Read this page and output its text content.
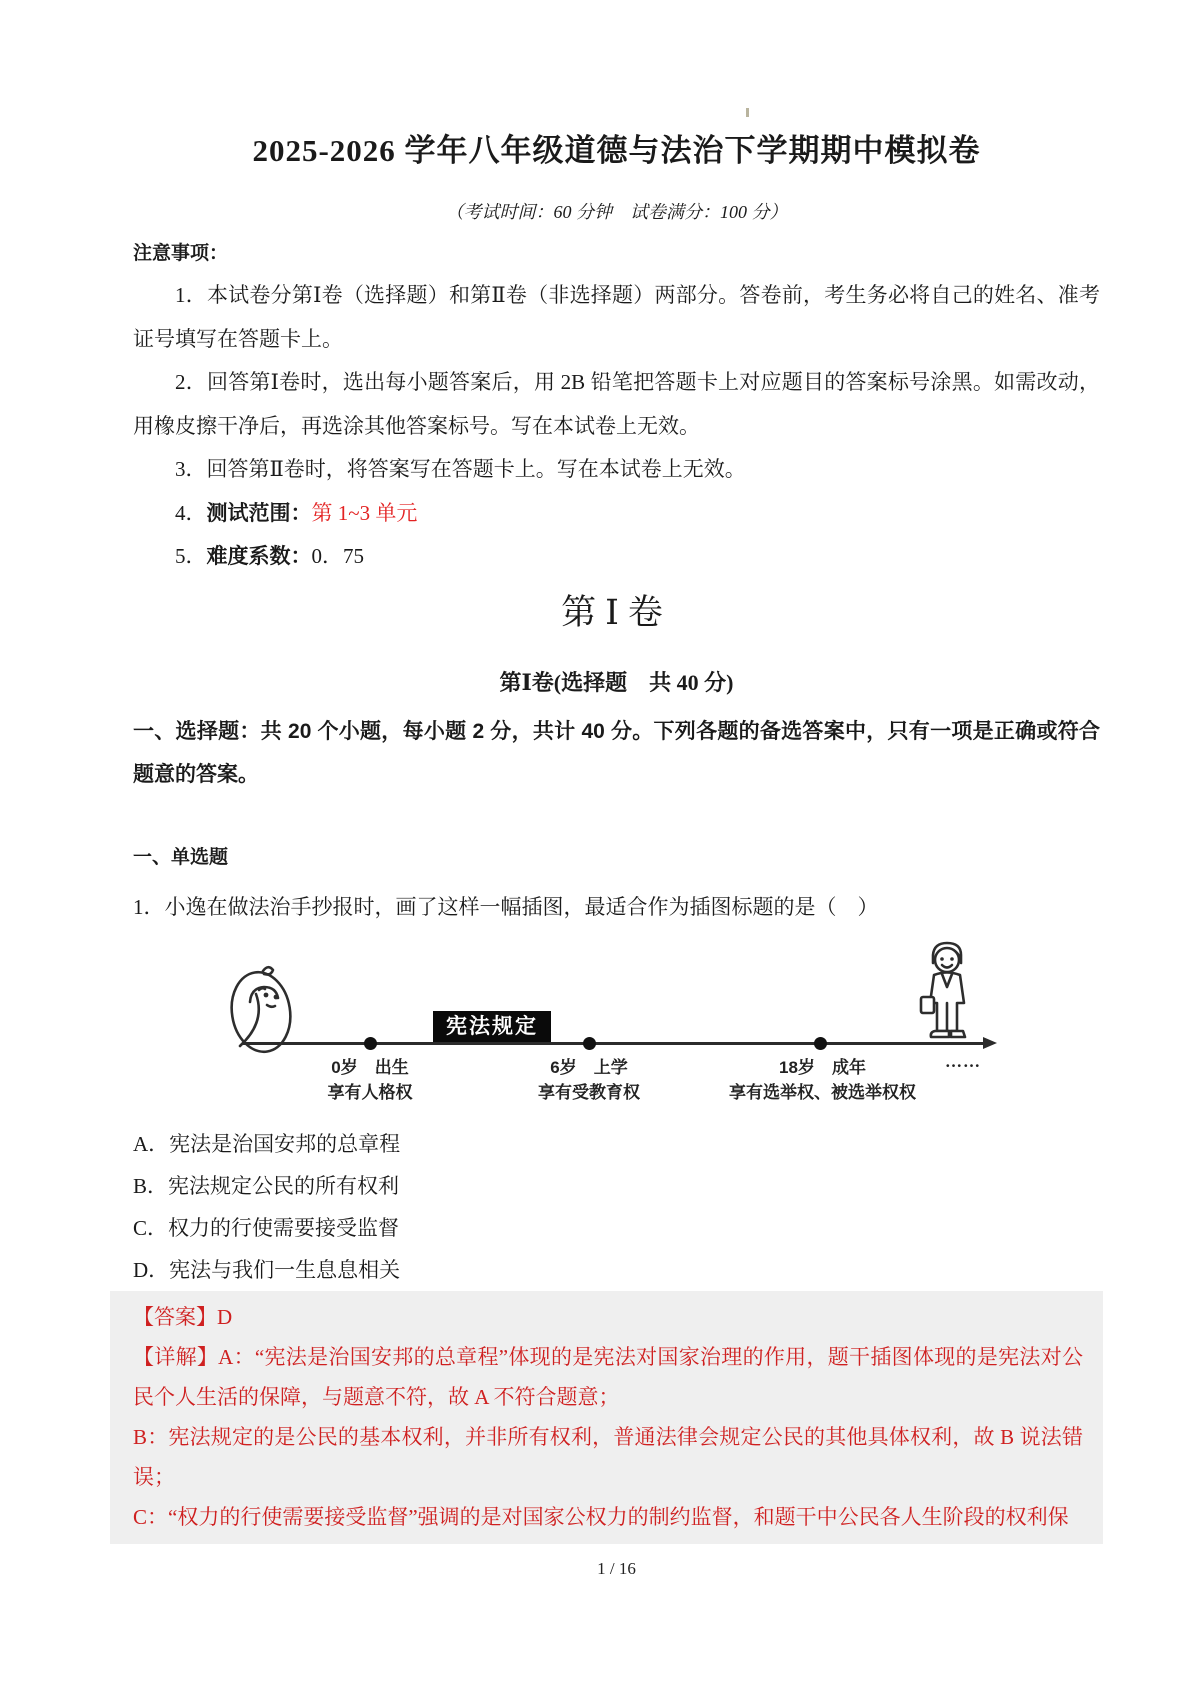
2025-2026 学年八年级道德与法治下学期期中模拟卷

（考试时间：60 分钟　试卷满分：100 分）

注意事项：

1．本试卷分第Ⅰ卷（选择题）和第Ⅱ卷（非选择题）两部分。答卷前，考生务必将自己的姓名、准考证号填写在答题卡上。

2．回答第Ⅰ卷时，选出每小题答案后，用 2B 铅笔把答题卡上对应题目的答案标号涂黑。如需改动，用橡皮擦干净后，再选涂其他答案标号。写在本试卷上无效。

3．回答第Ⅱ卷时，将答案写在答题卡上。写在本试卷上无效。

4．测试范围：第 1~3 单元

5．难度系数：0．75

第Ⅰ卷
第Ⅰ卷(选择题　共 40 分)

一、选择题：共 20 个小题，每小题 2 分，共计 40 分。下列各题的备选答案中，只有一项是正确或符合题意的答案。

一、单选题

1．小逸在做法治手抄报时，画了这样一幅插图，最适合作为插图标题的是（　）

宪法规定
0岁　出生
享有人格权
6岁　上学
享有受教育权
18岁　成年
享有选举权、被选举权权
……
A．宪法是治国安邦的总章程
B．宪法规定公民的所有权利
C．权力的行使需要接受监督
D．宪法与我们一生息息相关

【答案】D

【详解】A：“宪法是治国安邦的总章程”体现的是宪法对国家治理的作用，题干插图体现的是宪法对公民个人生活的保障，与题意不符，故 A 不符合题意；

B：宪法规定的是公民的基本权利，并非所有权利，普通法律会规定公民的其他具体权利，故 B 说法错误；

C：“权力的行使需要接受监督”强调的是对国家公权力的制约监督，和题干中公民各人生阶段的权利保

1 / 16
